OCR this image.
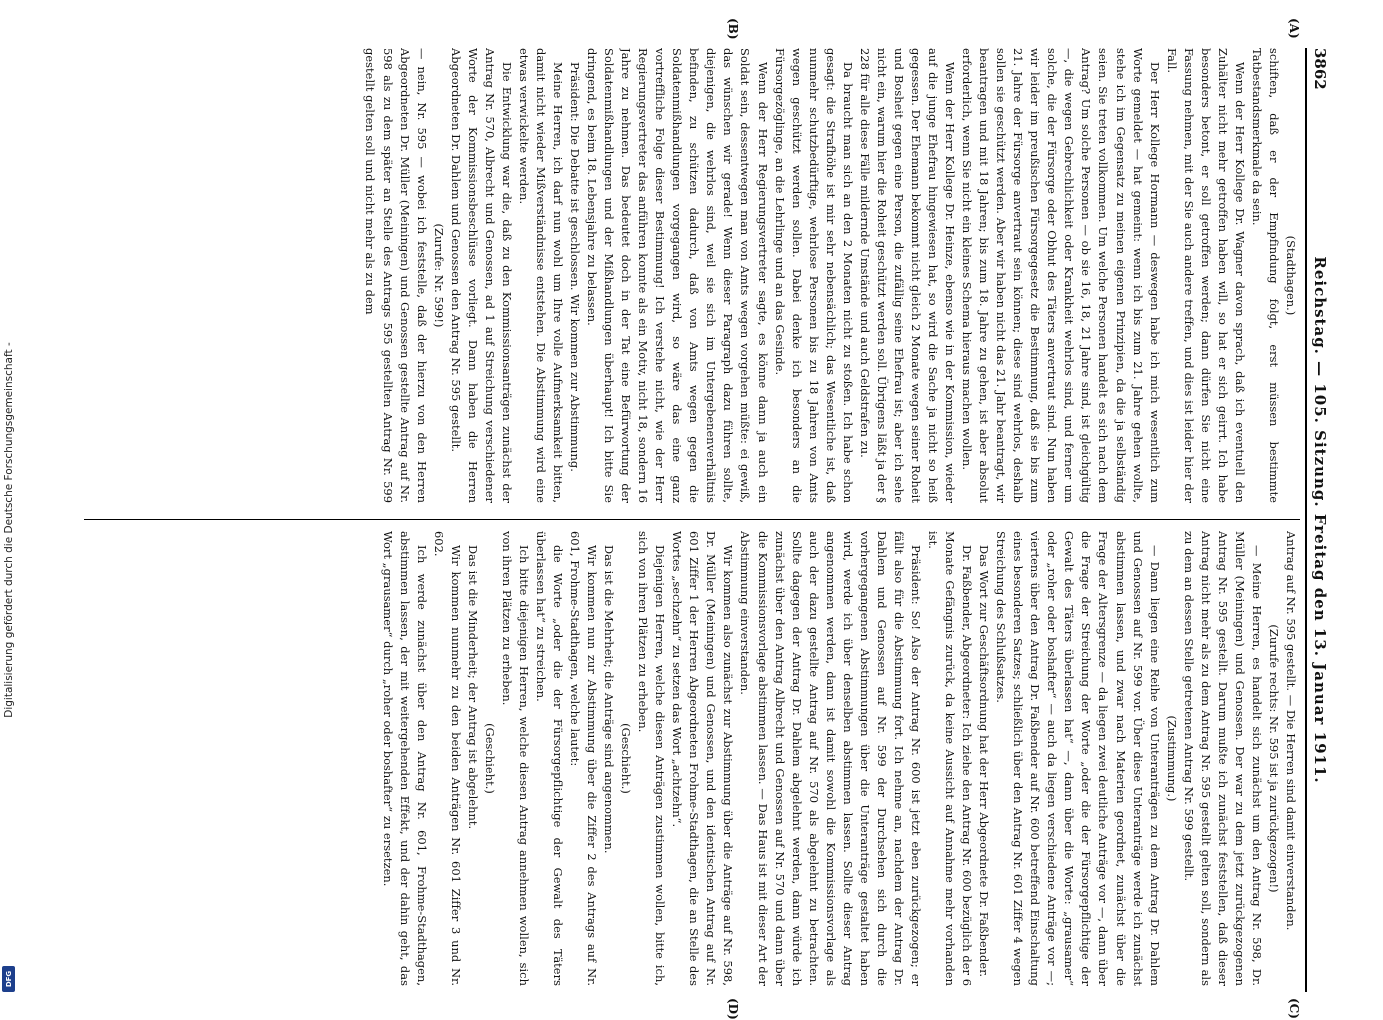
Digitalisierung gefördert durch die Deutsche Forschungsgemeinschaft -
DFG
3862
Reichstag. — 105. Sitzung. Freitag den 13. Januar 1911.
(A)
(B)
(C)
(D)

(Stadthagen.)

schiften, daß er der Empfindung folgt, erst müssen bestimmte Tatbestandsmerkmale da sein.

Wenn der Herr Kollege Dr. Wagner davon sprach, daß ich eventuell den Zuhälter nicht mehr getroffen haben will, so hat er sich geirrt. Ich habe besonders betont, er soll getroffen werden; dann dürfen Sie nicht eine Fassung nehmen, mit der Sie auch andere treffen, und dies ist leider hier der Fall.

Der Herr Kollege Hormann — deswegen habe ich mich wesentlich zum Worte gemeldet — hat gemeint: wenn ich bis zum 21. Jahre gehen wollte, stehe ich im Gegensatz zu meinen eigenen Prinzipien, da die ja selbständig seien. Sie treten vollkommen. Um welche Personen handelt es sich nach dem Antrag? Um solche Personen — ob sie 16, 18, 21 Jahre sind, ist gleichgültig —, die wegen Gebrechlichkeit oder Krankheit wehrlos sind, und ferner um solche, die der Fürsorge oder Obhut des Täters anvertraut sind. Nun haben wir leider im preußischen Fürsorgegesetz die Bestimmung, daß sie bis zum 21. Jahre der Fürsorge anvertraut sein können; diese sind wehrlos, deshalb sollen sie geschützt werden. Aber wir haben nicht das 21. Jahr beantragt, wir beantragen und mit 18 Jahren; bis zum 18. Jahre zu gehen, ist aber absolut erforderlich, wenn Sie nicht ein kleines Schema hieraus machen wollen.

Wenn der Herr Kollege Dr. Heinze, ebenso wie in der Kommission, wieder auf die junge Ehefrau hingewiesen hat, so wird die Sache ja nicht so heiß gegessen. Der Ehemann bekommt nicht gleich 2 Monate wegen seiner Roheit und Bosheit gegen eine Person, die zufällig seine Ehefrau ist; aber ich sehe nicht ein, warum hier die Roheit geschützt werden soll. Übrigens läßt ja der § 228 für alle diese Fälle mildernde Umstände und auch Geldstrafen zu.

Da braucht man sich an den 2 Monaten nicht zu stoßen. Ich habe schon gesagt: die Strafhöhe ist mir sehr nebensächlich; das Wesentliche ist, daß nunmehr schutzbedürftige, wehrlose Personen bis zu 18 Jahren von Amts wegen geschützt werden sollen. Dabei denke ich besonders an die Fürsorgezöglinge, an die Lehrlinge und an das Gesinde.

Wenn der Herr Regierungsvertreter sagte, es könne dann ja auch ein Soldat sein, dessentwegen man von Amts wegen vorgehen müßte: ei gewiß, das wünschen wir gerade! Wenn dieser Paragraph dazu führen sollte, diejenigen, die wehrlos sind, weil sie sich im Untergebenenverhältnis befinden, zu schützen dadurch, daß von Amts wegen gegen die Soldatenmißhandlungen vorgegangen wird, so wäre das eine ganz vortreffliche Folge dieser Bestimmung! Ich verstehe nicht, wie der Herr Regierungsvertreter das anführen konnte als ein Motiv, nicht 18, sondern 16 Jahre zu nehmen. Das bedeutet doch in der Tat eine Befürwortung der Soldatenmißhandlungen und der Mißhandlungen überhaupt! Ich bitte Sie dringend, es beim 18. Lebensjahre zu belassen.

Präsident: Die Debatte ist geschlossen. Wir kommen zur Abstimmung.

Meine Herren, ich darf nun wohl um Ihre volle Aufmerksamkeit bitten, damit nicht wieder Mißverständnisse entstehen. Die Abstimmung wird eine etwas verwickelte werden.

Die Entwicklung war die, daß zu den Kommissionsanträgen zunächst der Antrag Nr. 570, Albrecht und Genossen, ad 1 auf Streichung verschiedener Worte der Kommissionsbeschlüsse vorliegt. Dann haben die Herren Abgeordneten Dr. Dahlem und Genossen den Antrag Nr. 595 gestellt.

(Zurufe: Nr. 599!)

— nein, Nr. 595 — wobei ich feststelle, daß der hierzu von den Herren Abgeordneten Dr. Müller (Meiningen) und Genossen gestellte Antrag auf Nr. 598 als zu dem später an Stelle des Antrags 595 gestellten Antrag Nr. 599 gestellt gelten soll und nicht mehr als zu dem

Antrag auf Nr. 595 gestellt. — Die Herren sind damit einverstanden.

(Zurufe rechts: Nr. 595 ist ja zurückgezogen!)

— Meine Herren, es handelt sich zunächst um den Antrag Nr. 598, Dr. Müller (Meiningen) und Genossen. Der war zu dem jetzt zurückgezogenen Antrag Nr. 595 gestellt. Darum mußte ich zunächst feststellen, daß dieser Antrag nicht mehr als zu dem Antrag Nr. 595 gestellt gelten soll, sondern als zu dem an dessen Stelle getretenen Antrag Nr. 599 gestellt.

(Zustimmung.)

— Dann liegen eine Reihe von Unteranträgen zu dem Antrag Dr. Dahlem und Genossen auf Nr. 599 vor. Über diese Unteranträge werde ich zunächst abstimmen lassen, und zwar nach Materien geordnet, zunächst über die Frage der Altersgrenze — da liegen zwei deutliche Anträge vor —, dann über die Frage der Streichung der Worte „oder die der Fürsorgepflichtige der Gewalt des Täters überlassen hat“ —, dann über die Worte: „grausamer“ oder „roher oder boshafter“ — auch da liegen verschiedene Anträge vor —; viertens über den Antrag Dr. Faßbender auf Nr. 600 betreffend Einschaltung eines besonderen Satzes; schließlich über den Antrag Nr. 601 Ziffer 4 wegen Streichung des Schlußsatzes.

Das Wort zur Geschäftsordnung hat der Herr Abgeordnete Dr. Faßbender.

Dr. Faßbender, Abgeordneter: Ich ziehe den Antrag Nr. 600 bezüglich der 6 Monate Gefängnis zurück, da keine Aussicht auf Annahme mehr vorhanden ist.

Präsident: So! Also der Antrag Nr. 600 ist jetzt eben zurückgezogen; er fällt also für die Abstimmung fort. Ich nehme an, nachdem der Antrag Dr. Dahlem und Genossen auf Nr. 599 der Durchsehen sich durch die vorhergegangenen Abstimmungen über die Unteranträge gestaltet haben wird, werde ich über denselben abstimmen lassen. Sollte dieser Antrag angenommen werden, dann ist damit sowohl die Kommissionsvorlage als auch der dazu gestellte Antrag auf Nr. 570 als abgelehnt zu betrachten. Sollte dagegen der Antrag Dr. Dahlem abgelehnt werden, dann würde ich zunächst über den Antrag Albrecht und Genossen auf Nr. 570 und dann über die Kommissionsvorlage abstimmen lassen. — Das Haus ist mit dieser Art der Abstimmung einverstanden.

Wir kommen also zunächst zur Abstimmung über die Anträge auf Nr. 598, Dr. Müller (Meiningen) und Genossen, und den identischen Antrag auf Nr. 601 Ziffer 1 der Herren Abgeordneten Frohme-Stadthagen, die an Stelle des Wortes „sechzehn“ zu setzen das Wort „achtzehn“.

Diejenigen Herren, welche diesen Anträgen zustimmen wollen, bitte ich, sich von ihren Plätzen zu erheben.

(Geschieht.)

Das ist die Mehrheit; die Anträge sind angenommen.

Wir kommen nun zur Abstimmung über die Ziffer 2 des Antrags auf Nr. 601, Frohme-Stadthagen, welche lautet:

die Worte „oder die der Fürsorgepflichtige der Gewalt des Täters überlassen hat“ zu streichen.

Ich bitte diejenigen Herren, welche diesen Antrag annehmen wollen, sich von ihren Plätzen zu erheben.

(Geschieht.)

Das ist die Minderheit; der Antrag ist abgelehnt.

Wir kommen nunmehr zu den beiden Anträgen Nr. 601 Ziffer 3 und Nr. 602.

Ich werde zunächst über den Antrag Nr. 601, Frohme-Stadthagen, abstimmen lassen, der mit weitergehenden Effekt, und der dahin geht, das Wort „grausamer“ durch „roher oder boshafter“ zu ersetzen.
